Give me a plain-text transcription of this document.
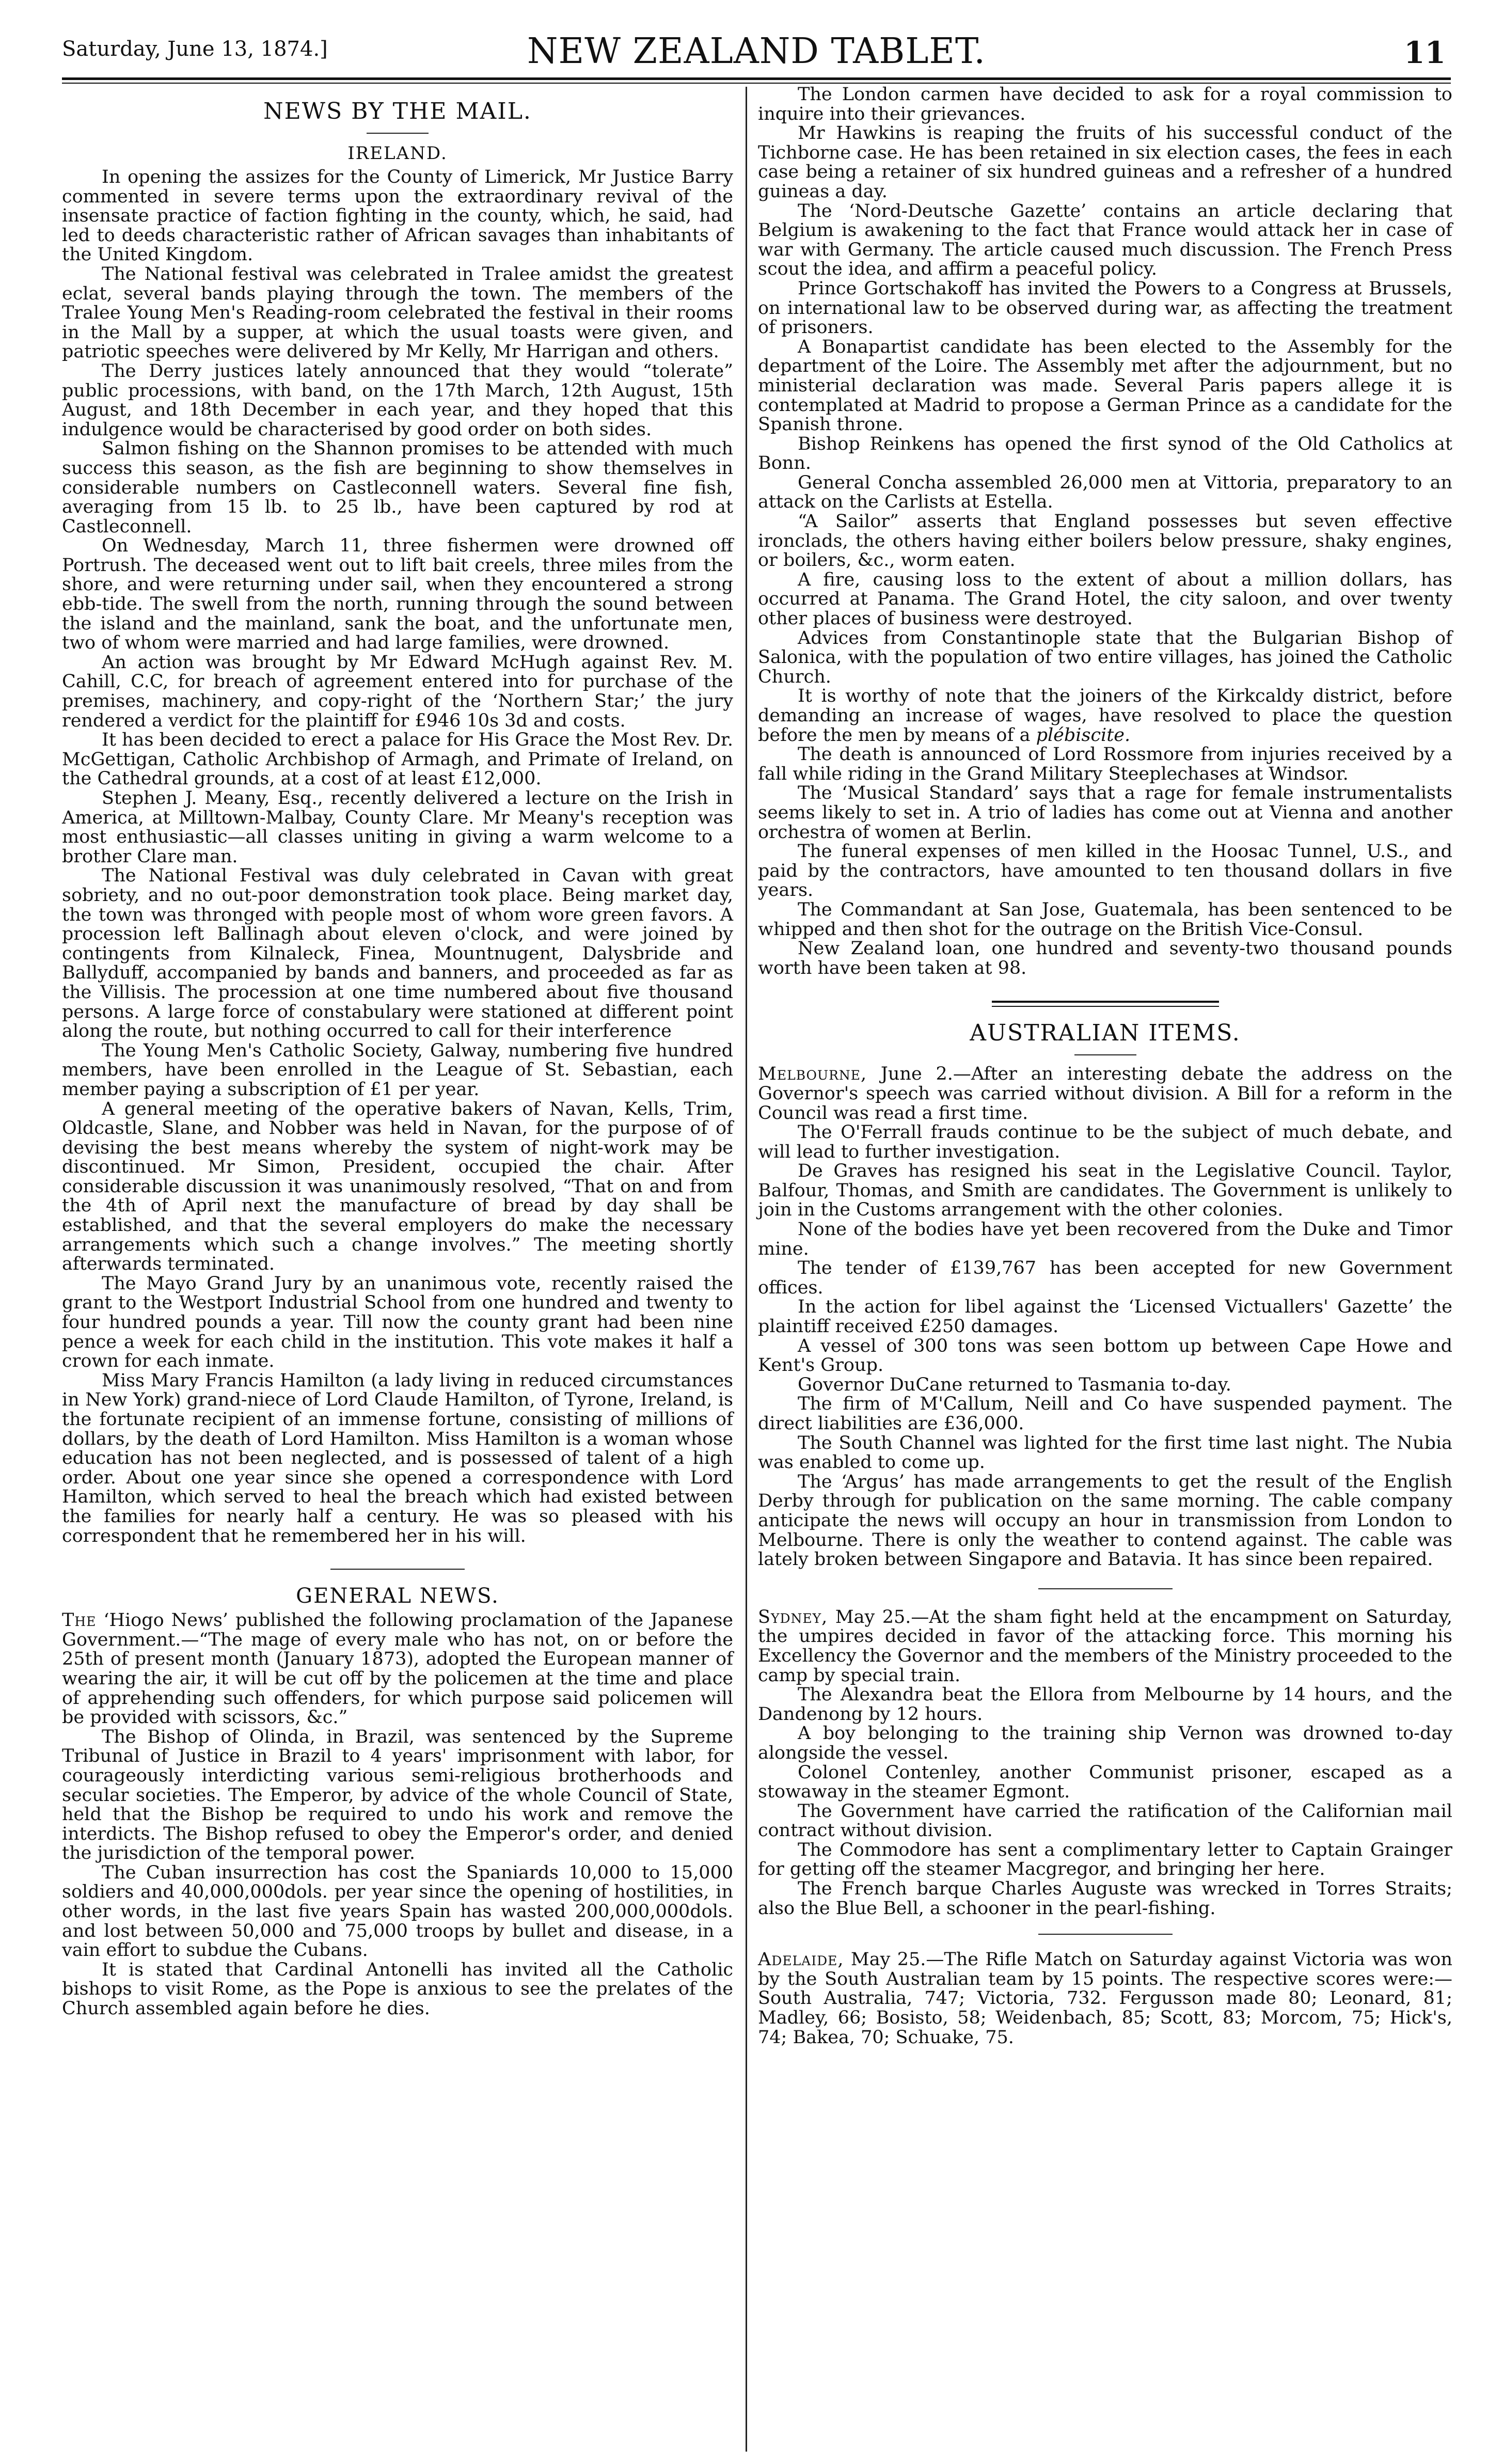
Saturday, June 13, 1874.]	NEW ZEALAND TABLET.	11
NEWS BY THE MAIL.
IRELAND.

In opening the assizes for the County of Limerick, Mr Justice Barry commented in severe terms upon the extraordinary revival of the insensate practice of faction fighting in the county, which, he said, had led to deeds characteristic rather of African savages than inhabitants of the United Kingdom.

The National festival was celebrated in Tralee amidst the greatest eclat, several bands playing through the town. The members of the Tralee Young Men's Reading-room celebrated the festival in their rooms in the Mall by a supper, at which the usual toasts were given, and patriotic speeches were delivered by Mr Kelly, Mr Harrigan and others.

The Derry justices lately announced that they would “tolerate” public processions, with band, on the 17th March, 12th August, 15th August, and 18th December in each year, and they hoped that this indulgence would be characterised by good order on both sides.

Salmon fishing on the Shannon promises to be attended with much success this season, as the fish are beginning to show themselves in considerable numbers on Castleconnell waters. Several fine fish, averaging from 15 lb. to 25 lb., have been captured by rod at Castleconnell.

On Wednesday, March 11, three fishermen were drowned off Portrush. The deceased went out to lift bait creels, three miles from the shore, and were returning under sail, when they encountered a strong ebb-tide. The swell from the north, running through the sound between the island and the mainland, sank the boat, and the unfortunate men, two of whom were married and had large families, were drowned.

An action was brought by Mr Edward McHugh against Rev. M. Cahill, C.C, for breach of agreement entered into for purchase of the premises, machinery, and copy-right of the ‘Northern Star;’ the jury rendered a verdict for the plaintiff for £946 10s 3d and costs.

It has been decided to erect a palace for His Grace the Most Rev. Dr. McGettigan, Catholic Archbishop of Armagh, and Primate of Ireland, on the Cathedral grounds, at a cost of at least £12,000.

Stephen J. Meany, Esq., recently delivered a lecture on the Irish in America, at Milltown-Malbay, County Clare. Mr Meany's reception was most enthusiastic—all classes uniting in giving a warm welcome to a brother Clare man.

The National Festival was duly celebrated in Cavan with great sobriety, and no out-poor demonstration took place. Being market day, the town was thronged with people most of whom wore green favors. A procession left Ballinagh about eleven o'clock, and were joined by contingents from Kilnaleck, Finea, Mountnugent, Dalysbride and Ballyduff, accompanied by bands and banners, and proceeded as far as the Villisis. The procession at one time numbered about five thousand persons. A large force of constabulary were stationed at different point along the route, but nothing occurred to call for their interference

The Young Men's Catholic Society, Galway, numbering five hundred members, have been enrolled in the League of St. Sebastian, each member paying a subscription of £1 per year.

A general meeting of the operative bakers of Navan, Kells, Trim, Oldcastle, Slane, and Nobber was held in Navan, for the purpose of of devising the best means whereby the system of night-work may be discontinued. Mr Simon, President, occupied the chair. After considerable discussion it was unanimously resolved, “That on and from the 4th of April next the manufacture of bread by day shall be established, and that the several employers do make the necessary arrangements which such a change involves.” The meeting shortly afterwards terminated.

The Mayo Grand Jury by an unanimous vote, recently raised the grant to the Westport Industrial School from one hundred and twenty to four hundred pounds a year. Till now the county grant had been nine pence a week for each child in the institution. This vote makes it half a crown for each inmate.

Miss Mary Francis Hamilton (a lady living in reduced circumstances in New York) grand-niece of Lord Claude Hamilton, of Tyrone, Ireland, is the fortunate recipient of an immense fortune, consisting of millions of dollars, by the death of Lord Hamilton. Miss Hamilton is a woman whose education has not been neglected, and is possessed of talent of a high order. About one year since she opened a correspondence with Lord Hamilton, which served to heal the breach which had existed between the families for nearly half a century. He was so pleased with his correspondent that he remembered her in his will.

GENERAL NEWS.

The ‘Hiogo News’ published the following proclamation of the Japanese Government.—“The mage of every male who has not, on or before the 25th of present month (January 1873), adopted the European manner of wearing the air, it will be cut off by the policemen at the time and place of apprehending such offenders, for which purpose said policemen will be provided with scissors, &c.”

The Bishop of Olinda, in Brazil, was sentenced by the Supreme Tribunal of Justice in Brazil to 4 years' imprisonment with labor, for courageously interdicting various semi-religious brotherhoods and secular societies. The Emperor, by advice of the whole Council of State, held that the Bishop be required to undo his work and remove the interdicts. The Bishop refused to obey the Emperor's order, and denied the jurisdiction of the temporal power.

The Cuban insurrection has cost the Spaniards 10,000 to 15,000 soldiers and 40,000,000dols. per year since the opening of hostilities, in other words, in the last five years Spain has wasted 200,000,000dols. and lost between 50,000 and 75,000 troops by bullet and disease, in a vain effort to subdue the Cubans.

It is stated that Cardinal Antonelli has invited all the Catholic bishops to visit Rome, as the Pope is anxious to see the prelates of the Church assembled again before he dies.

The London carmen have decided to ask for a royal commission to inquire into their grievances.

Mr Hawkins is reaping the fruits of his successful conduct of the Tichborne case. He has been retained in six election cases, the fees in each case being a retainer of six hundred guineas and a refresher of a hundred guineas a day.

The ‘Nord-Deutsche Gazette’ contains an article declaring that Belgium is awakening to the fact that France would attack her in case of war with Germany. The article caused much discussion. The French Press scout the idea, and affirm a peaceful policy.

Prince Gortschakoff has invited the Powers to a Congress at Brussels, on international law to be observed during war, as affecting the treatment of prisoners.

A Bonapartist candidate has been elected to the Assembly for the department of the Loire. The Assembly met after the adjournment, but no ministerial declaration was made. Several Paris papers allege it is contemplated at Madrid to propose a German Prince as a candidate for the Spanish throne.

Bishop Reinkens has opened the first synod of the Old Catholics at Bonn.

General Concha assembled 26,000 men at Vittoria, preparatory to an attack on the Carlists at Estella.

“A Sailor” asserts that England possesses but seven effective ironclads, the others having either boilers below pressure, shaky engines, or boilers, &c., worm eaten.

A fire, causing loss to the extent of about a million dollars, has occurred at Panama. The Grand Hotel, the city saloon, and over twenty other places of business were destroyed.

Advices from Constantinople state that the Bulgarian Bishop of Salonica, with the population of two entire villages, has joined the Catholic Church.

It is worthy of note that the joiners of the Kirkcaldy district, before demanding an increase of wages, have resolved to place the question before the men by means of a plébiscite.

The death is announced of Lord Rossmore from injuries received by a fall while riding in the Grand Military Steeplechases at Windsor.

The ‘Musical Standard’ says that a rage for female instrumentalists seems likely to set in. A trio of ladies has come out at Vienna and another orchestra of women at Berlin.

The funeral expenses of men killed in the Hoosac Tunnel, U.S., and paid by the contractors, have amounted to ten thousand dollars in five years.

The Commandant at San Jose, Guatemala, has been sentenced to be whipped and then shot for the outrage on the British Vice-Consul.

New Zealand loan, one hundred and seventy-two thousand pounds worth have been taken at 98.

AUSTRALIAN ITEMS.

Melbourne, June 2.—After an interesting debate the address on the Governor's speech was carried without division. A Bill for a reform in the Council was read a first time.

The O'Ferrall frauds continue to be the subject of much debate, and will lead to further investigation.

De Graves has resigned his seat in the Legislative Council. Taylor, Balfour, Thomas, and Smith are candidates. The Government is unlikely to join in the Customs arrangement with the other colonies.

None of the bodies have yet been recovered from the Duke and Timor mine.

The tender of £139,767 has been accepted for new Government offices.

In the action for libel against the ‘Licensed Victuallers' Gazette’ the plaintiff received £250 damages.

A vessel of 300 tons was seen bottom up between Cape Howe and Kent's Group.

Governor DuCane returned to Tasmania to-day.

The firm of M'Callum, Neill and Co have suspended payment. The direct liabilities are £36,000.

The South Channel was lighted for the first time last night. The Nubia was enabled to come up.

The ‘Argus’ has made arrangements to get the result of the English Derby through for publication on the same morning. The cable company anticipate the news will occupy an hour in transmission from London to Melbourne. There is only the weather to contend against. The cable was lately broken between Singapore and Batavia. It has since been repaired.

Sydney, May 25.—At the sham fight held at the encampment on Saturday, the umpires decided in favor of the attacking force. This morning his Excellency the Governor and the members of the Ministry proceeded to the camp by special train.

The Alexandra beat the Ellora from Melbourne by 14 hours, and the Dandenong by 12 hours.

A boy belonging to the training ship Vernon was drowned to-day alongside the vessel.

Colonel Contenley, another Communist prisoner, escaped as a stowaway in the steamer Egmont.

The Government have carried the ratification of the Californian mail contract without division.

The Commodore has sent a complimentary letter to Captain Grainger for getting off the steamer Macgregor, and bringing her here.

The French barque Charles Auguste was wrecked in Torres Straits; also the Blue Bell, a schooner in the pearl-fishing.

Adelaide, May 25.—The Rifle Match on Saturday against Victoria was won by the South Australian team by 15 points. The respective scores were:—South Australia, 747; Victoria, 732. Fergusson made 80; Leonard, 81; Madley, 66; Bosisto, 58; Weidenbach, 85; Scott, 83; Morcom, 75; Hick's, 74; Bakea, 70; Schuake, 75.
